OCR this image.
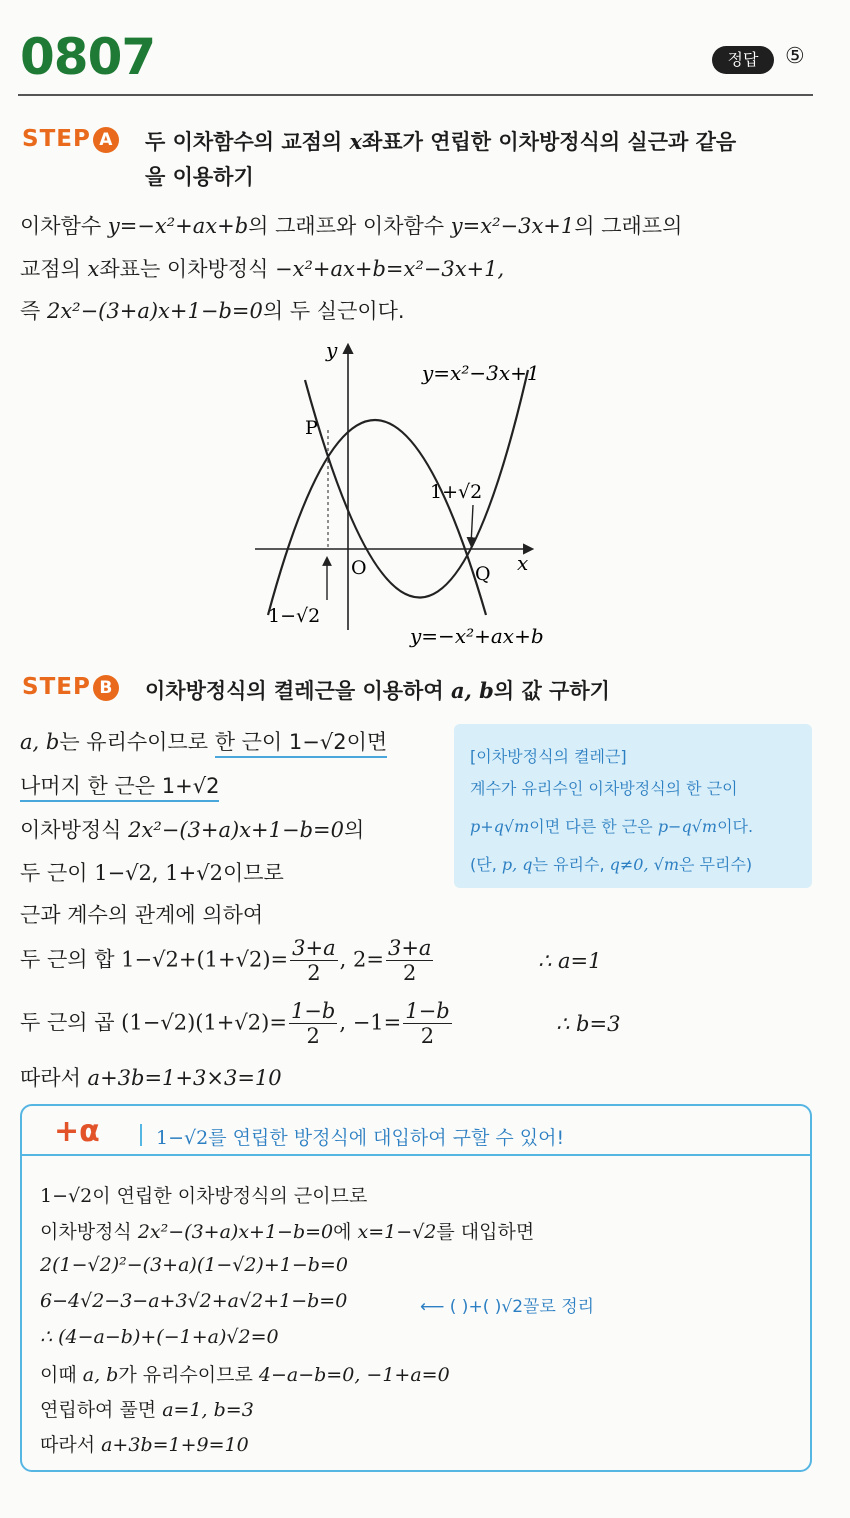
0807	정답	⑤
STEP A	두 이차함수의 교점의 x좌표가 연립한 이차방정식의 실근과 같음
을 이용하기
이차함수 y=−x²+ax+b의 그래프와 이차함수 y=x²−3x+1의 그래프의
교점의 x좌표는 이차방정식 −x²+ax+b=x²−3x+1,
즉 2x²−(3+a)x+1−b=0의 두 실근이다.
y
x
O
P
Q
1−√2
1+√2
y=x²−3x+1
y=−x²+ax+b
STEP B	이차방정식의 켤레근을 이용하여 a, b의 값 구하기
a, b는 유리수이므로 한 근이 1−√2이면
나머지 한 근은 1+√2
이차방정식 2x²−(3+a)x+1−b=0의
두 근이 1−√2, 1+√2이므로
근과 계수의 관계에 의하여
[이차방정식의 켤레근]
계수가 유리수인 이차방정식의 한 근이
p+q√m이면 다른 한 근은 p−q√m이다.
(단, p, q는 유리수, q≠0, √m은 무리수)
두 근의 합 $1-√2+(1+√2)= \frac{3+a}{2}$ , $2= \frac{3+a}{2}$	∴ a=1
두 근의 곱 $(1-√2)(1+√2)= \frac{1-b}{2}$ , $-1= \frac{1-b}{2}$	∴ b=3
따라서 a+3b=1+3×3=10
+α	1−√2를 연립한 방정식에 대입하여 구할 수 있어!
1−√2이 연립한 이차방정식의 근이므로
이차방정식 2x²−(3+a)x+1−b=0에 x=1−√2를 대입하면
2(1−√2)²−(3+a)(1−√2)+1−b=0
6−4√2−3−a+3√2+a√2+1−b=0	⟵ ( )+( )√2꼴로 정리
∴ (4−a−b)+(−1+a)√2=0
이때 a, b가 유리수이므로 4−a−b=0, −1+a=0
연립하여 풀면 a=1, b=3
따라서 a+3b=1+9=10
